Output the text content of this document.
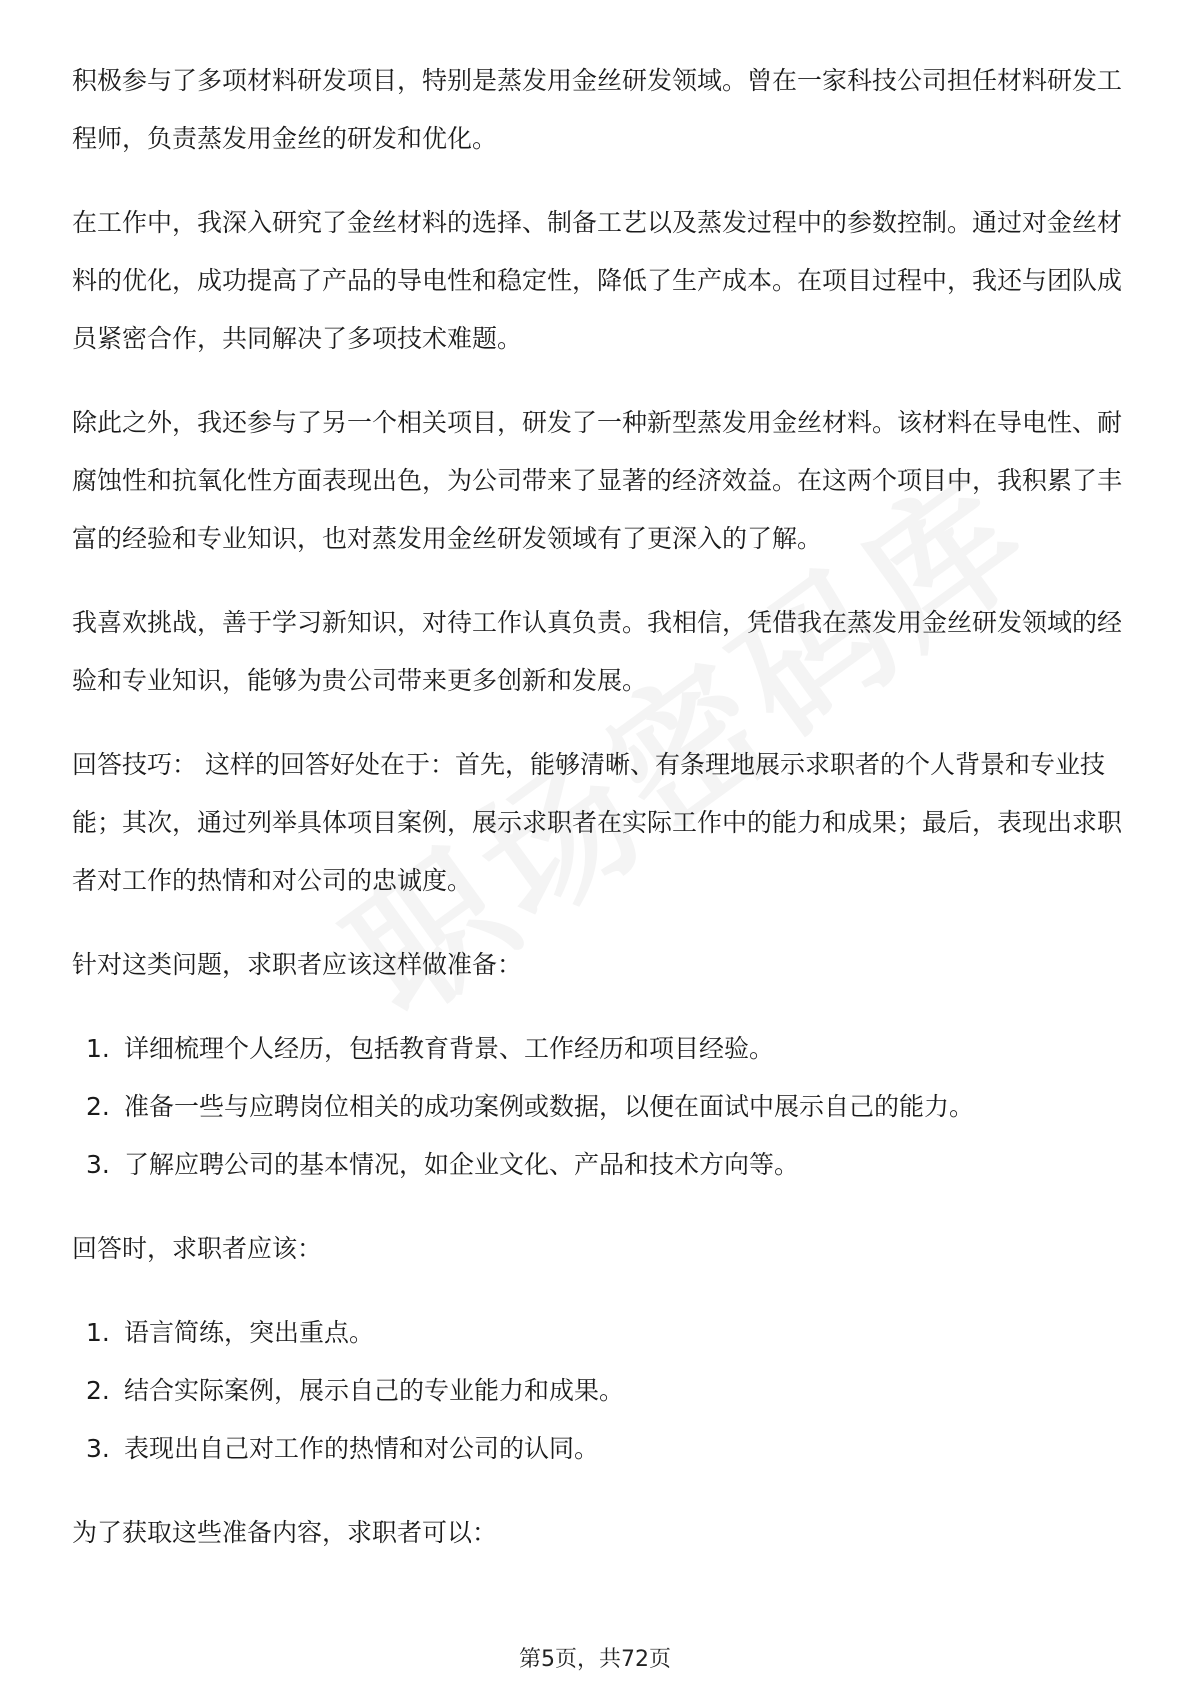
积极参与了多项材料研发项目，特别是蒸发用金丝研发领域。曾在一家科技公司担任材料研发工程师，负责蒸发用金丝的研发和优化。

在工作中，我深入研究了金丝材料的选择、制备工艺以及蒸发过程中的参数控制。通过对金丝材料的优化，成功提高了产品的导电性和稳定性，降低了生产成本。在项目过程中，我还与团队成员紧密合作，共同解决了多项技术难题。

除此之外，我还参与了另一个相关项目，研发了一种新型蒸发用金丝材料。该材料在导电性、耐腐蚀性和抗氧化性方面表现出色，为公司带来了显著的经济效益。在这两个项目中，我积累了丰富的经验和专业知识，也对蒸发用金丝研发领域有了更深入的了解。

我喜欢挑战，善于学习新知识，对待工作认真负责。我相信，凭借我在蒸发用金丝研发领域的经验和专业知识，能够为贵公司带来更多创新和发展。

回答技巧： 这样的回答好处在于：首先，能够清晰、有条理地展示求职者的个人背景和专业技能；其次，通过列举具体项目案例，展示求职者在实际工作中的能力和成果；最后，表现出求职者对工作的热情和对公司的忠诚度。

针对这类问题，求职者应该这样做准备：

1. 详细梳理个人经历，包括教育背景、工作经历和项目经验。
2. 准备一些与应聘岗位相关的成功案例或数据，以便在面试中展示自己的能力。
3. 了解应聘公司的基本情况，如企业文化、产品和技术方向等。

回答时，求职者应该：

1. 语言简练，突出重点。
2. 结合实际案例，展示自己的专业能力和成果。
3. 表现出自己对工作的热情和对公司的认同。

为了获取这些准备内容，求职者可以：

第5页，共72页
